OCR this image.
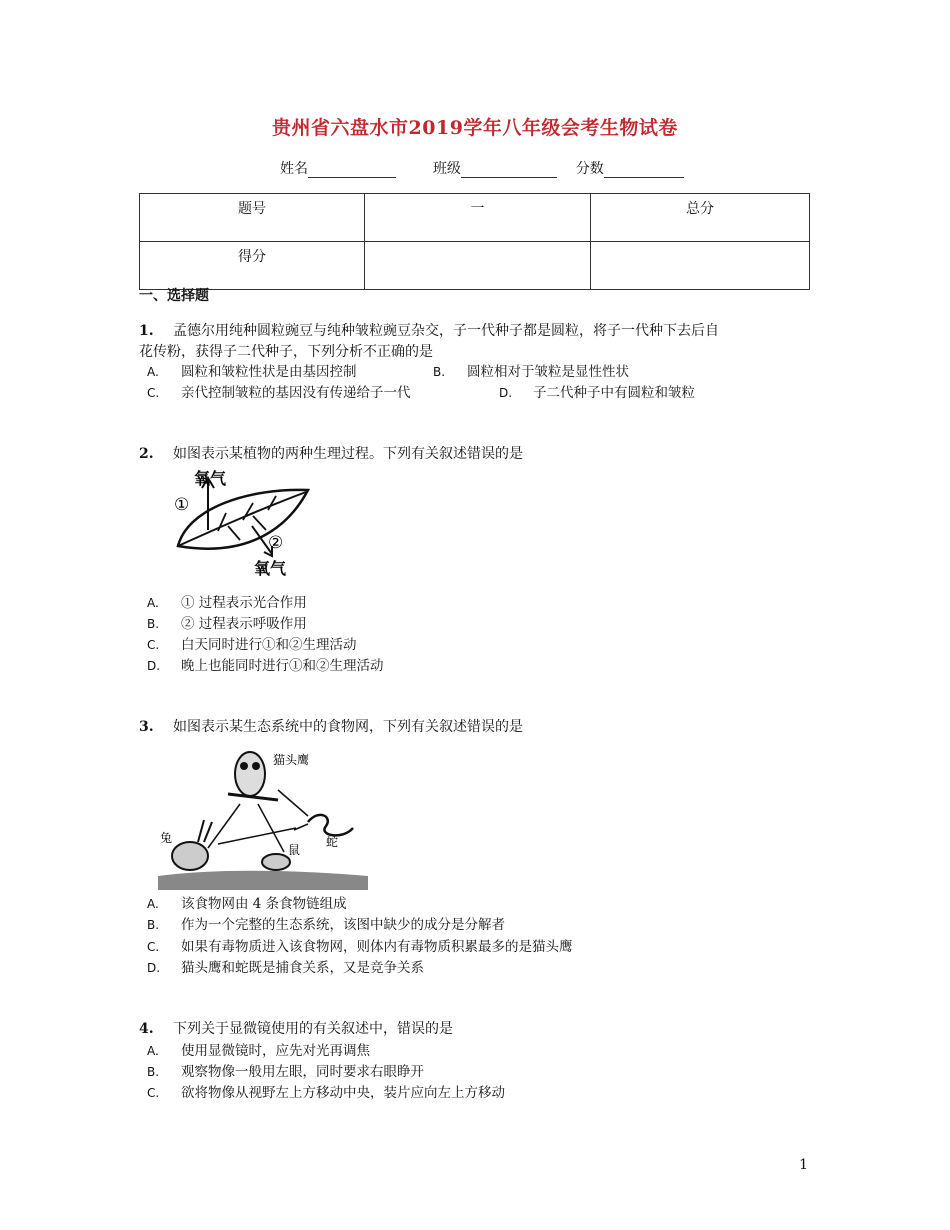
贵州省六盘水市2019学年八年级会考生物试卷
姓名	班级	分数
题号	一	总分
得分		
一、选择题
1. 孟德尔用纯种圆粒豌豆与纯种皱粒豌豆杂交，子一代种子都是圆粒，将子一代种下去后自
花传粉，获得子二代种子，下列分析不正确的是
A. 圆粒和皱粒性状是由基因控制	B. 圆粒相对于皱粒是显性性状
C. 亲代控制皱粒的基因没有传递给子一代	D. 子二代种子中有圆粒和皱粒
2. 如图表示某植物的两种生理过程。下列有关叙述错误的是
氧气
①
②
氧气
A. ① 过程表示光合作用
B. ② 过程表示呼吸作用
C. 白天同时进行①和②生理活动
D. 晚上也能同时进行①和②生理活动
3. 如图表示某生态系统中的食物网，下列有关叙述错误的是
猫头鹰
蛇
兔
鼠
A. 该食物网由 4 条食物链组成
B. 作为一个完整的生态系统，该图中缺少的成分是分解者
C. 如果有毒物质进入该食物网，则体内有毒物质积累最多的是猫头鹰
D. 猫头鹰和蛇既是捕食关系，又是竞争关系
4. 下列关于显微镜使用的有关叙述中，错误的是
A. 使用显微镜时，应先对光再调焦
B. 观察物像一般用左眼，同时要求右眼睁开
C. 欲将物像从视野左上方移动中央，装片应向左上方移动
1
